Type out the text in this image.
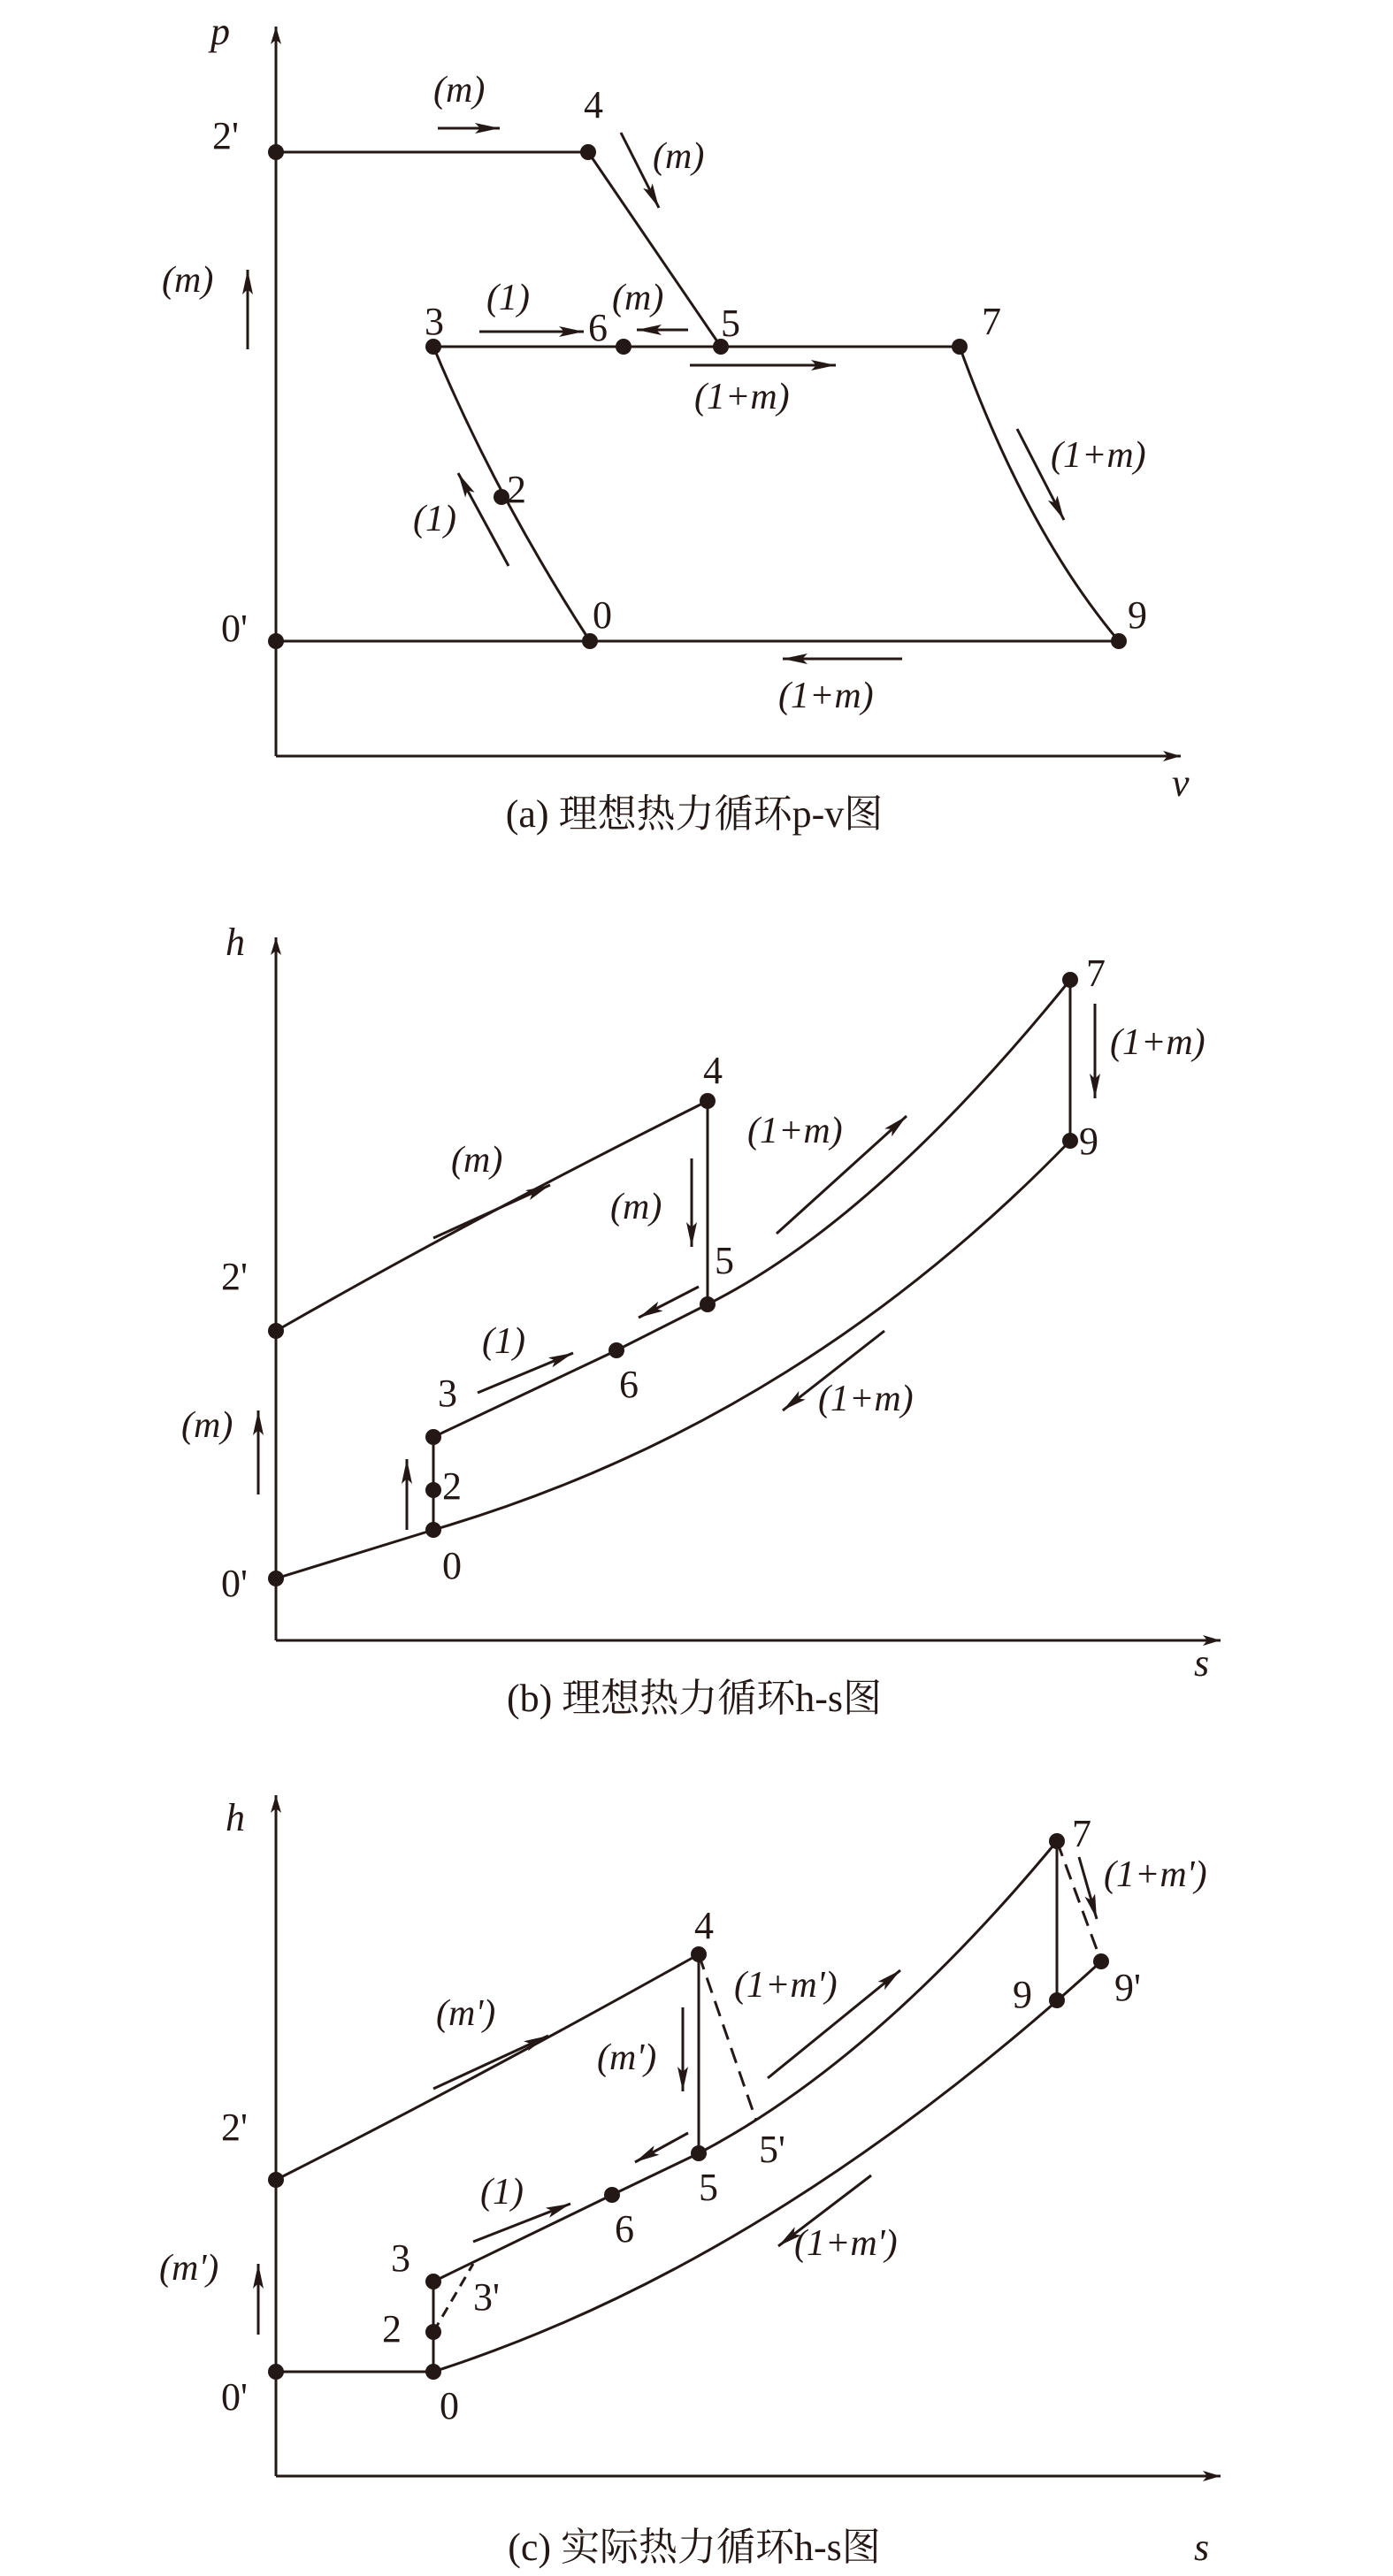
p
v
2'
4
3	6	5	7
2
0'	0	9
(m)
(m)
(m)	(1) (m)
(1+m)
(1+m)
(1)
(1+m)
(a) 理想热力循环p-v图
h
s
7
4
9
2'	5
6
3
2
0
0'
(1+m)
(1+m)
(m)
(m)
(1)
(1+m)
(m)
(b) 理想热力循环h-s图
h
s
7
9'
9
4
2'
5'
5
6
3
3'
2
0
0'
(1+m')
(1+m')
(m')
(m')
(1)
(1+m')
(m')
(c) 实际热力循环h-s图
